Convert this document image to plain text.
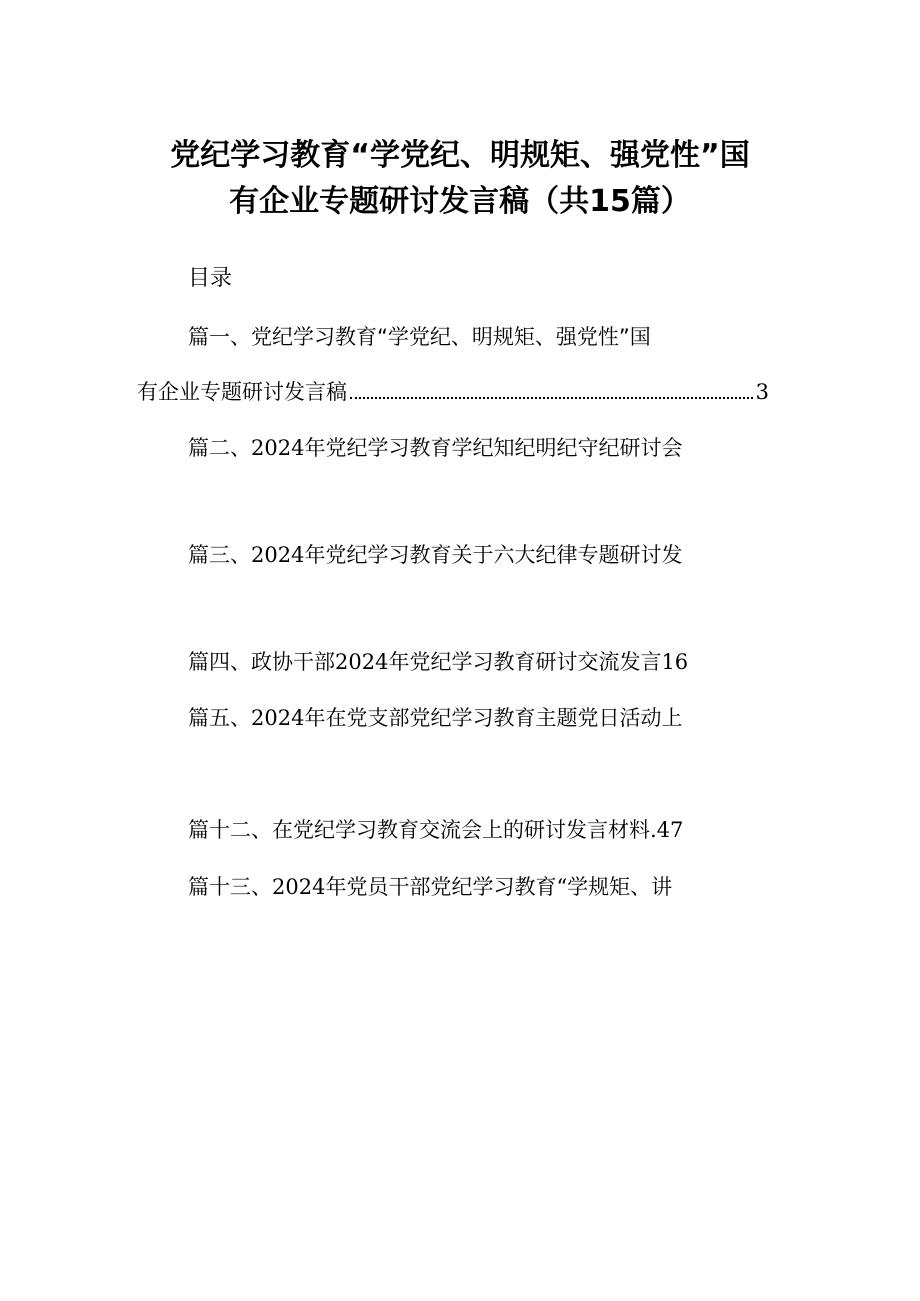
党纪学习教育“学党纪、明规矩、强党性”国
有企业专题研讨发言稿（共15篇）
目录
篇一、党纪学习教育“学党纪、明规矩、强党性”国
有企业专题研讨发言稿	3
篇二、2024年党纪学习教育学纪知纪明纪守纪研讨会
篇三、2024年党纪学习教育关于六大纪律专题研讨发
篇四、政协干部2024年党纪学习教育研讨交流发言16
篇五、2024年在党支部党纪学习教育主题党日活动上
篇十二、在党纪学习教育交流会上的研讨发言材料.47
篇十三、2024年党员干部党纪学习教育“学规矩、讲
